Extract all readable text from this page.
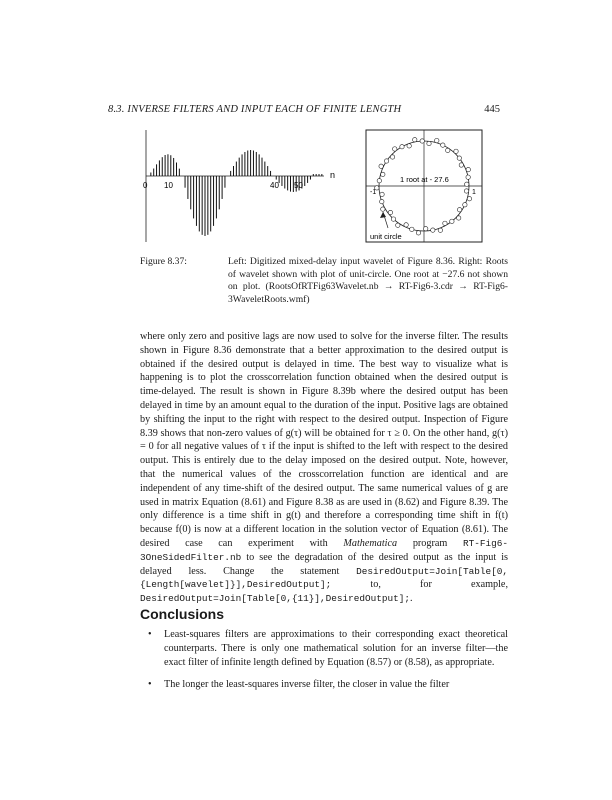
8.3. INVERSE FILTERS AND INPUT EACH OF FINITE LENGTH	445
n
0 10	40 50
1 root at - 27.6
-1	1
unit circle
Figure 8.37:	Left: Digitized mixed-delay input wavelet of Figure 8.36. Right: Roots of wavelet shown with plot of unit-circle. One root at −27.6 not shown on plot. (RootsOfRTFig63Wavelet.nb → RT-Fig6-3.cdr → RT-Fig6-3WaveletRoots.wmf)
where only zero and positive lags are now used to solve for the inverse filter. The results shown in Figure 8.36 demonstrate that a better approximation to the desired output is obtained if the desired output is delayed in time. The best way to visualize what is happening is to plot the crosscorrelation function obtained when the desired output is time-delayed. The result is shown in Figure 8.39b where the desired output has been delayed in time by an amount equal to the duration of the input. Positive lags are obtained by shifting the input to the right with respect to the desired output. Inspection of Figure 8.39 shows that non-zero values of g(τ) will be obtained for τ ≥ 0. On the other hand, g(τ) = 0 for all negative values of τ if the input is shifted to the left with respect to the desired output. This is entirely due to the delay imposed on the desired output. Note, however, that the numerical values of the crosscorrelation function are identical and are independent of any time-shift of the desired output. The same numerical values of g are used in matrix Equation (8.61) and Figure 8.38 as are used in (8.62) and Figure 8.39. The only difference is a time shift in g(t) and therefore a corresponding time shift in f(t) because f(0) is now at a different location in the solution vector of Equation (8.61). The desired case can experiment with Mathematica program RT-Fig6-3OneSidedFilter.nb to see the degradation of the desired output as the input is delayed less. Change the statement DesiredOutput=Join[Table[0,{Length[wavelet]}],DesiredOutput];	to, for example, DesiredOutput=Join[Table[0,{11}],DesiredOutput];.
Conclusions
• Least-squares filters are approximations to their corresponding exact theoretical counterparts. There is only one mathematical solution for an inverse filter—the exact filter of infinite length defined by Equation (8.57) or (8.58), as appropriate.
• The longer the least-squares inverse filter, the closer in value the filter
